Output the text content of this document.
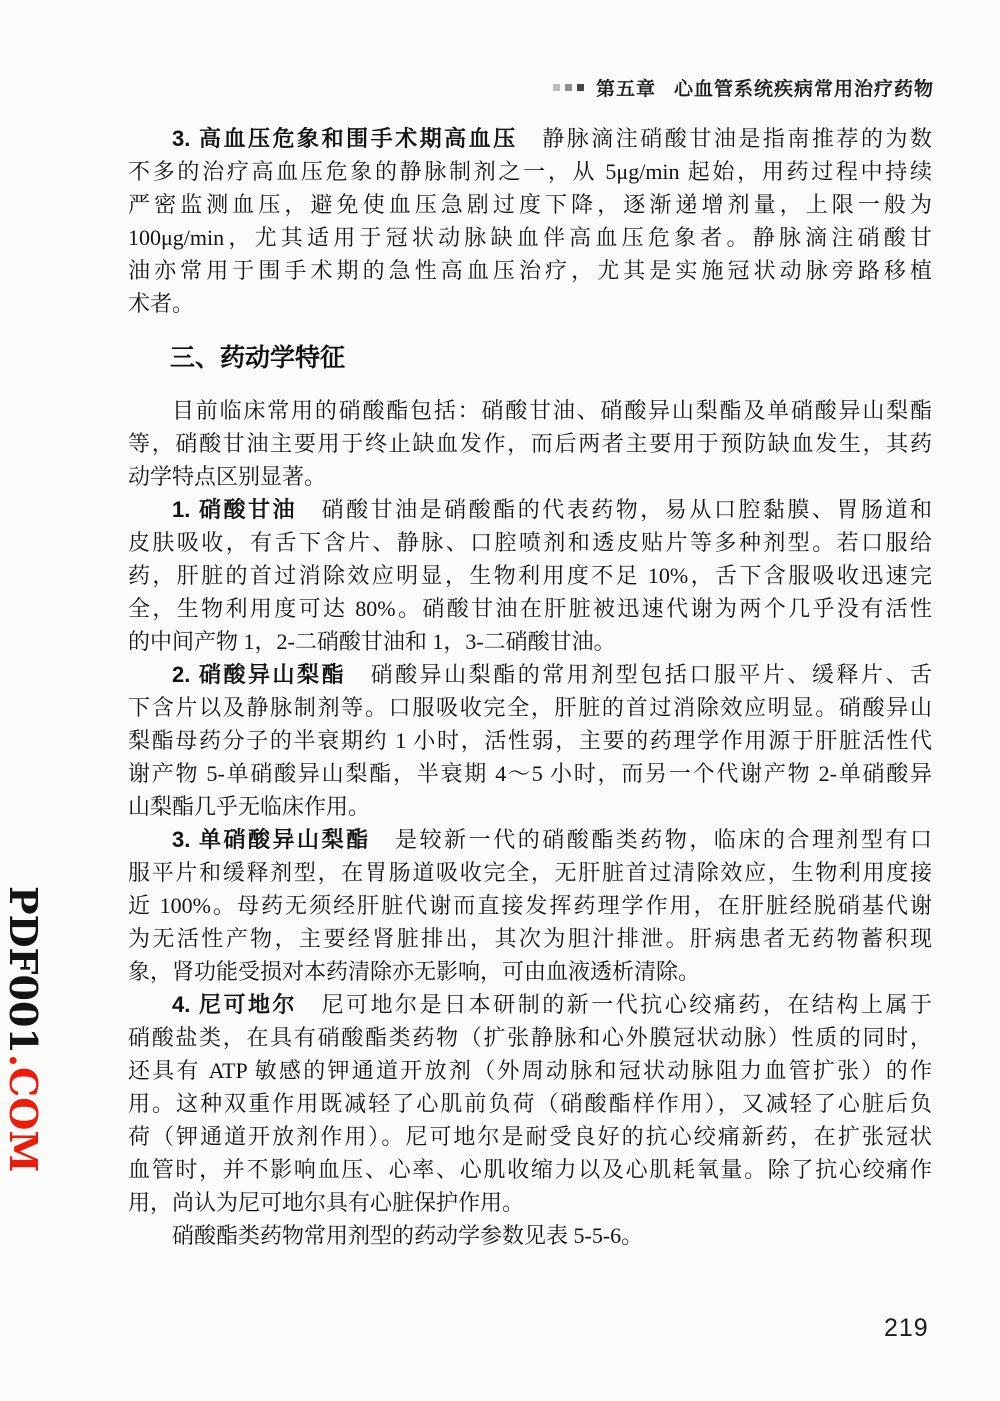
第五章 心血管系统疾病常用治疗药物
3. 高血压危象和围手术期高血压　静脉滴注硝酸甘油是指南推荐的为数
不多的治疗高血压危象的静脉制剂之一，从 5μg/min 起始，用药过程中持续
严密监测血压，避免使血压急剧过度下降，逐渐递增剂量，上限一般为
100μg/min，尤其适用于冠状动脉缺血伴高血压危象者。静脉滴注硝酸甘
油亦常用于围手术期的急性高血压治疗，尤其是实施冠状动脉旁路移植
术者。
三、药动学特征
目前临床常用的硝酸酯包括：硝酸甘油、硝酸异山梨酯及单硝酸异山梨酯
等，硝酸甘油主要用于终止缺血发作，而后两者主要用于预防缺血发生，其药
动学特点区别显著。
1. 硝酸甘油　硝酸甘油是硝酸酯的代表药物，易从口腔黏膜、胃肠道和
皮肤吸收，有舌下含片、静脉、口腔喷剂和透皮贴片等多种剂型。若口服给
药，肝脏的首过消除效应明显，生物利用度不足 10%，舌下含服吸收迅速完
全，生物利用度可达 80%。硝酸甘油在肝脏被迅速代谢为两个几乎没有活性
的中间产物 1，2-二硝酸甘油和 1，3-二硝酸甘油。
2. 硝酸异山梨酯　硝酸异山梨酯的常用剂型包括口服平片、缓释片、舌
下含片以及静脉制剂等。口服吸收完全，肝脏的首过消除效应明显。硝酸异山
梨酯母药分子的半衰期约 1 小时，活性弱，主要的药理学作用源于肝脏活性代
谢产物 5-单硝酸异山梨酯，半衰期 4～5 小时，而另一个代谢产物 2-单硝酸异
山梨酯几乎无临床作用。
3. 单硝酸异山梨酯　是较新一代的硝酸酯类药物，临床的合理剂型有口
服平片和缓释剂型，在胃肠道吸收完全，无肝脏首过清除效应，生物利用度接
近 100%。母药无须经肝脏代谢而直接发挥药理学作用，在肝脏经脱硝基代谢
为无活性产物，主要经肾脏排出，其次为胆汁排泄。肝病患者无药物蓄积现
象，肾功能受损对本药清除亦无影响，可由血液透析清除。
4. 尼可地尔　尼可地尔是日本研制的新一代抗心绞痛药，在结构上属于
硝酸盐类，在具有硝酸酯类药物（扩张静脉和心外膜冠状动脉）性质的同时，
还具有 ATP 敏感的钾通道开放剂（外周动脉和冠状动脉阻力血管扩张）的作
用。这种双重作用既减轻了心肌前负荷（硝酸酯样作用），又减轻了心脏后负
荷（钾通道开放剂作用）。尼可地尔是耐受良好的抗心绞痛新药，在扩张冠状
血管时，并不影响血压、心率、心肌收缩力以及心肌耗氧量。除了抗心绞痛作
用，尚认为尼可地尔具有心脏保护作用。
硝酸酯类药物常用剂型的药动学参数见表 5-5-6。
PDF001.COM
219
